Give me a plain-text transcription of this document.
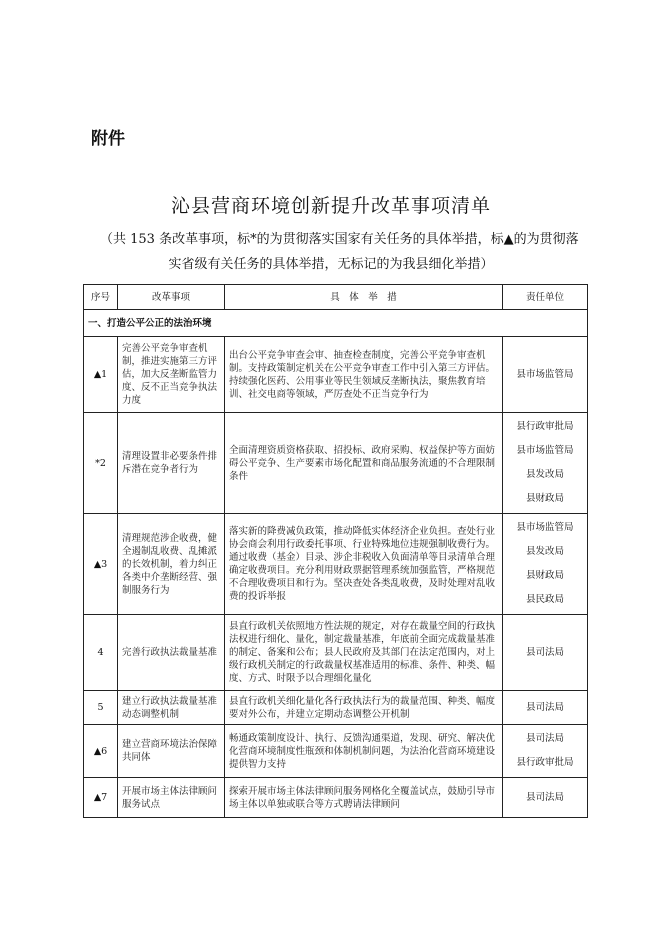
附件
沁县营商环境创新提升改革事项清单
（共 153 条改革事项，标*的为贯彻落实国家有关任务的具体举措，标▲的为贯彻落
实省级有关任务的具体举措，无标记的为我县细化举措）
序号	改革事项	具　体　举　措	责任单位
一、打造公平公正的法治环境			
▲1	完善公平竞争审查机制，推进实施第三方评估，加大反垄断监管力度、反不正当竞争执法力度	出台公平竞争审查会审、抽查检查制度，完善公平竞争审查机制。支持政策制定机关在公平竞争审查工作中引入第三方评估。持续强化医药、公用事业等民生领域反垄断执法，聚焦教育培训、社交电商等领域，严厉查处不正当竞争行为	县市场监管局

*2	清理设置非必要条件排斥潜在竞争者行为	全面清理资质资格获取、招投标、政府采购、权益保护等方面妨碍公平竞争、生产要素市场化配置和商品服务流通的不合理限制条件	县行政审批局
县市场监管局
县发改局
县财政局

▲3	清理规范涉企收费，健全遏制乱收费、乱摊派的长效机制，着力纠正各类中介垄断经营、强制服务行为	落实新的降费减负政策，推动降低实体经济企业负担。查处行业协会商会利用行政委托事项、行业特殊地位违规强制收费行为。通过收费（基金）目录、涉企非税收入负面清单等目录清单合理确定收费项目。充分利用财政票据管理系统加强监管，严格规范不合理收费项目和行为。坚决查处各类乱收费，及时处理对乱收费的投诉举报	县市场监管局
县发改局
县财政局
县民政局

4	完善行政执法裁量基准	县直行政机关依照地方性法规的规定，对存在裁量空间的行政执法权进行细化、量化，制定裁量基准，年底前全面完成裁量基准的制定、备案和公布；县人民政府及其部门在法定范围内，对上级行政机关制定的行政裁量权基准适用的标准、条件、种类、幅度、方式、时限予以合理细化量化	县司法局

5	建立行政执法裁量基准动态调整机制	县直行政机关细化量化各行政执法行为的裁量范围、种类、幅度要对外公布，并建立定期动态调整公开机制	县司法局

▲6	建立营商环境法治保障共同体	畅通政策制度设计、执行、反馈沟通渠道，发现、研究、解决优化营商环境制度性瓶颈和体制机制问题，为法治化营商环境建设提供智力支持	县司法局
县行政审批局

▲7	开展市场主体法律顾问服务试点	探索开展市场主体法律顾问服务网格化全覆盖试点，鼓励引导市场主体以单独或联合等方式聘请法律顾问	县司法局
